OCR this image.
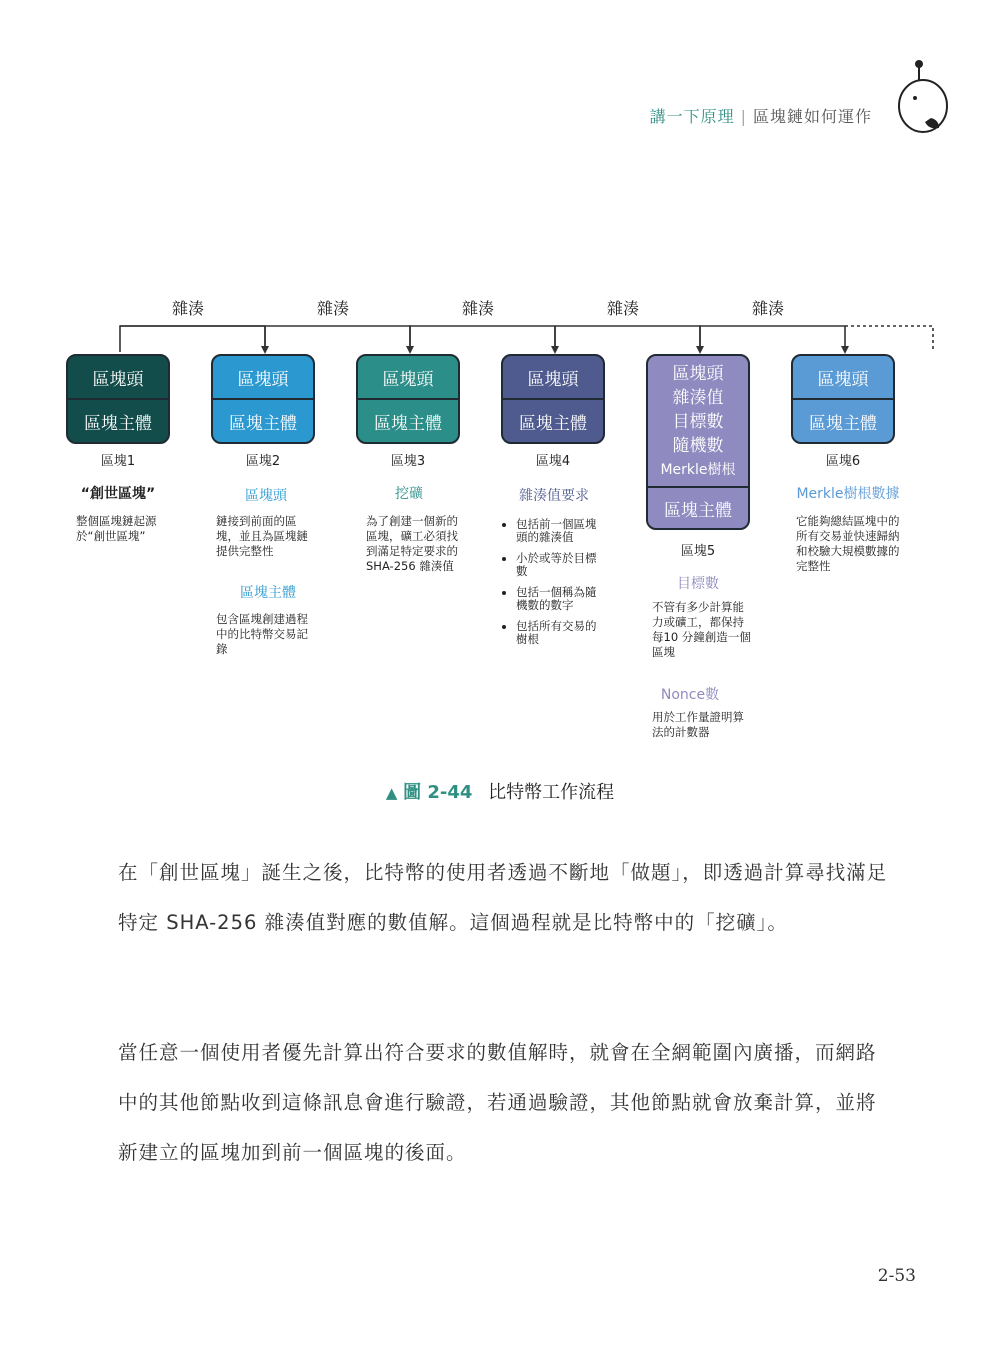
講一下原理 | 區塊鏈如何運作
雜湊	雜湊	雜湊	雜湊	雜湊
區塊頭
區塊主體
區塊1
“創世區塊”
整個區塊鏈起源於“創世區塊”
區塊頭
區塊主體
區塊2
區塊頭
鏈接到前面的區塊，並且為區塊鏈提供完整性
區塊主體
包含區塊創建過程中的比特幣交易記錄
區塊頭
區塊主體
區塊3
挖礦
為了創建一個新的區塊，礦工必須找到滿足特定要求的 SHA-256 雜湊值
區塊頭
區塊主體
區塊4
雜湊值要求
• 包括前一個區塊頭的雜湊值
• 小於或等於目標數
• 包括一個稱為隨機數的數字
• 包括所有交易的樹根
區塊頭
雜湊值
目標數
隨機數
Merkle樹根
區塊主體
區塊5
目標數
不管有多少計算能力或礦工，都保持每10 分鐘創造一個區塊
Nonce數
用於工作量證明算法的計數器
區塊頭
區塊主體
區塊6
Merkle樹根數據
它能夠總結區塊中的所有交易並快速歸納和校驗大規模數據的完整性
▲ 圖 2-44 比特幣工作流程
在「創世區塊」誕生之後，比特幣的使用者透過不斷地「做題」，即透過計算尋找滿足特定 SHA-256 雜湊值對應的數值解。這個過程就是比特幣中的「挖礦」。
當任意一個使用者優先計算出符合要求的數值解時，就會在全網範圍內廣播，而網路中的其他節點收到這條訊息會進行驗證，若通過驗證，其他節點就會放棄計算，並將新建立的區塊加到前一個區塊的後面。
2-53
